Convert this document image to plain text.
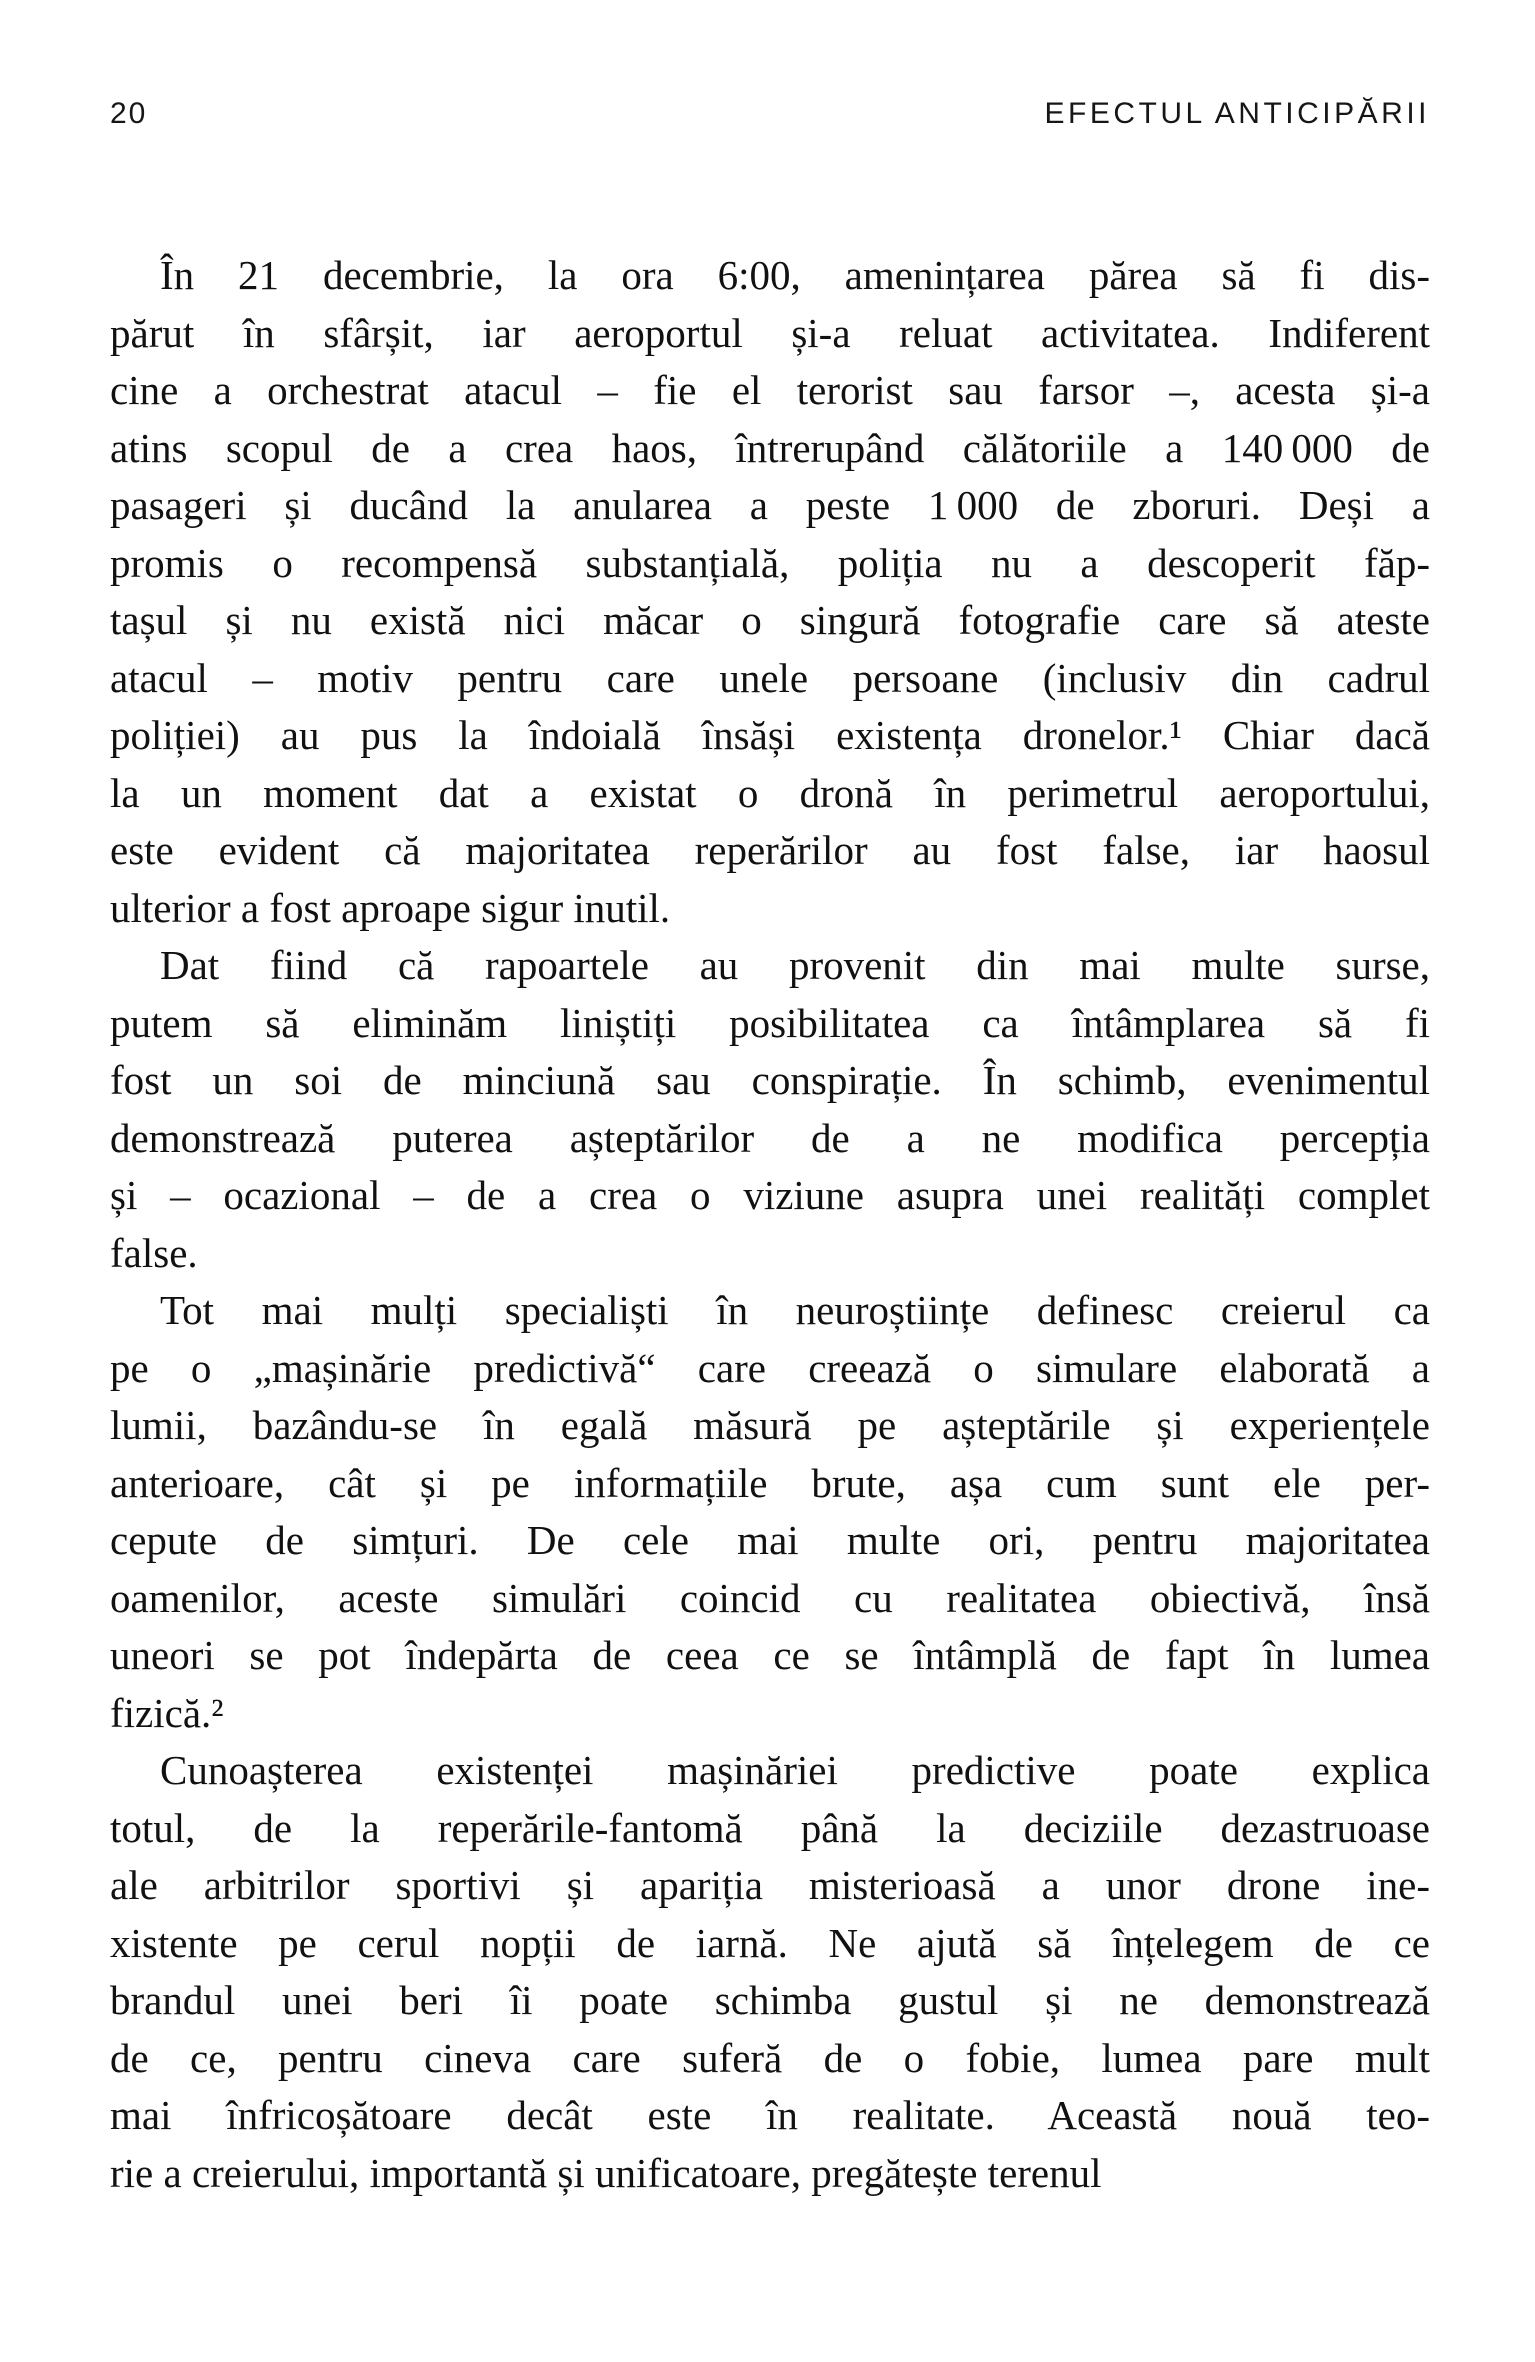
20	EFECTUL ANTICIPĂRII
În 21 decembrie, la ora 6:00, amenințarea părea să fi dis-
părut în sfârșit, iar aeroportul și-a reluat activitatea. Indiferent
cine a orchestrat atacul – fie el terorist sau farsor –, acesta și-a
atins scopul de a crea haos, întrerupând călătoriile a 140 000 de
pasageri și ducând la anularea a peste 1 000 de zboruri. Deși a
promis o recompensă substanțială, poliția nu a descoperit făp-
tașul și nu există nici măcar o singură fotografie care să ateste
atacul – motiv pentru care unele persoane (inclusiv din cadrul
poliției) au pus la îndoială însăși existența dronelor.¹ Chiar dacă
la un moment dat a existat o dronă în perimetrul aeroportului,
este evident că majoritatea reperărilor au fost false, iar haosul
ulterior a fost aproape sigur inutil.
Dat fiind că rapoartele au provenit din mai multe surse,
putem să eliminăm liniștiți posibilitatea ca întâmplarea să fi
fost un soi de minciună sau conspirație. În schimb, evenimentul
demonstrează puterea așteptărilor de a ne modifica percepția
și – ocazional – de a crea o viziune asupra unei realități complet
false.
Tot mai mulți specialiști în neuroștiințe definesc creierul ca
pe o „mașinărie predictivă“ care creează o simulare elaborată a
lumii, bazându-se în egală măsură pe așteptările și experiențele
anterioare, cât și pe informațiile brute, așa cum sunt ele per-
cepute de simțuri. De cele mai multe ori, pentru majoritatea
oamenilor, aceste simulări coincid cu realitatea obiectivă, însă
uneori se pot îndepărta de ceea ce se întâmplă de fapt în lumea
fizică.²
Cunoașterea existenței mașinăriei predictive poate explica
totul, de la reperările-fantomă până la deciziile dezastruoase
ale arbitrilor sportivi și apariția misterioasă a unor drone ine-
xistente pe cerul nopții de iarnă. Ne ajută să înțelegem de ce
brandul unei beri îi poate schimba gustul și ne demonstrează
de ce, pentru cineva care suferă de o fobie, lumea pare mult
mai înfricoșătoare decât este în realitate. Această nouă teo-
rie a creierului, importantă și unificatoare, pregătește terenul
